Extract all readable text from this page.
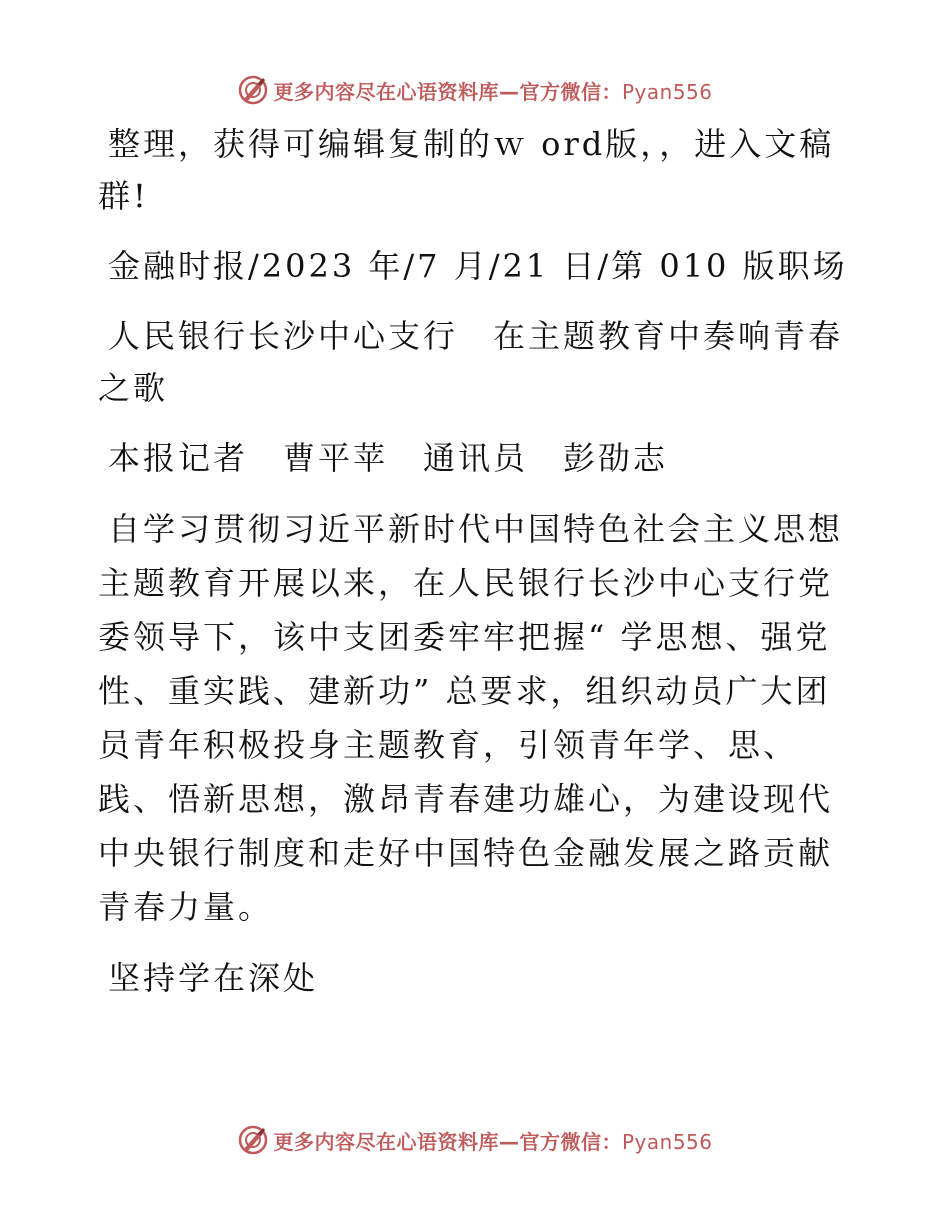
更多内容尽在心语资料库—官方微信：Pyan556

整理，获得可编辑复制的ｗ ord版，，进入文稿群!

金融时报/2023 年/7 月/21 日/第 010 版职场

人民银行长沙中心支行　在主题教育中奏响青春之歌

本报记者　曹平苹　通讯员　彭劭志

自学习贯彻习近平新时代中国特色社会主义思想主题教育开展以来，在人民银行长沙中心支行党委领导下，该中支团委牢牢把握“ 学思想、强党性、重实践、建新功” 总要求，组织动员广大团员青年积极投身主题教育，引领青年学、思、践、悟新思想，激昂青春建功雄心，为建设现代中央银行制度和走好中国特色金融发展之路贡献青春力量。

坚持学在深处

更多内容尽在心语资料库—官方微信：Pyan556
